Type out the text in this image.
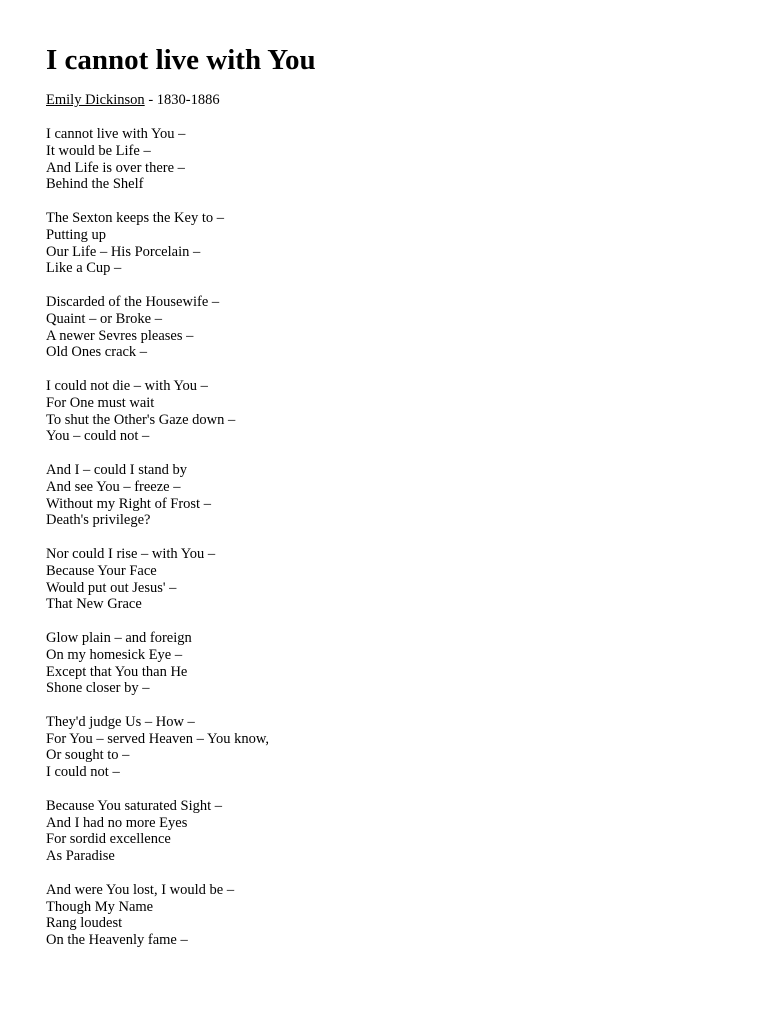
I cannot live with You
Emily Dickinson - 1830-1886
I cannot live with You –
It would be Life –
And Life is over there –
Behind the Shelf
The Sexton keeps the Key to –
Putting up
Our Life – His Porcelain –
Like a Cup –
Discarded of the Housewife –
Quaint – or Broke –
A newer Sevres pleases –
Old Ones crack –
I could not die – with You –
For One must wait
To shut the Other's Gaze down –
You – could not –
And I – could I stand by
And see You – freeze –
Without my Right of Frost –
Death's privilege?
Nor could I rise – with You –
Because Your Face
Would put out Jesus' –
That New Grace
Glow plain – and foreign
On my homesick Eye –
Except that You than He
Shone closer by –
They'd judge Us – How –
For You – served Heaven – You know,
Or sought to –
I could not –
Because You saturated Sight –
And I had no more Eyes
For sordid excellence
As Paradise
And were You lost, I would be –
Though My Name
Rang loudest
On the Heavenly fame –
